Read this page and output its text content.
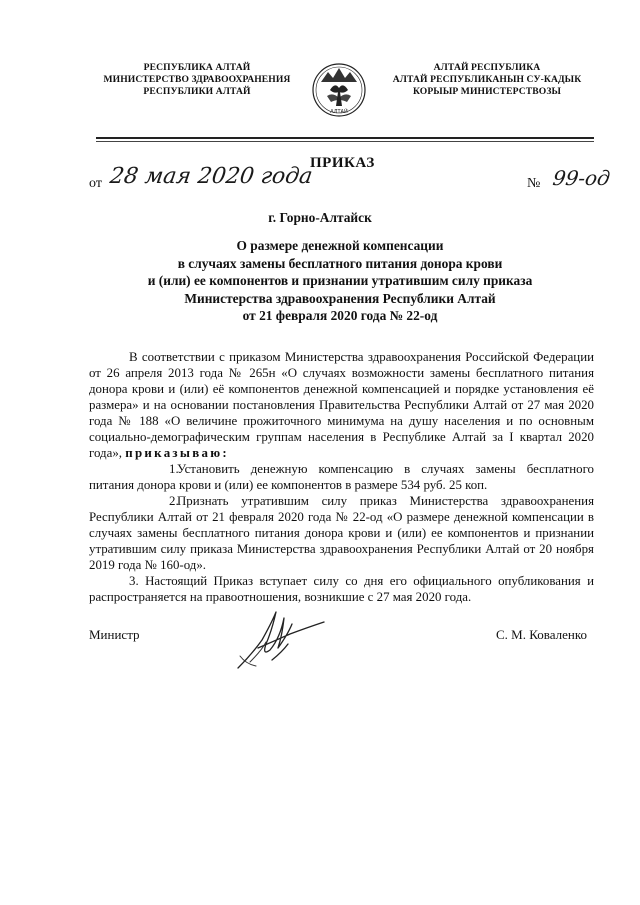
РЕСПУБЛИКА АЛТАЙ
МИНИСТЕРСТВО ЗДРАВООХРАНЕНИЯ
РЕСПУБЛИКИ АЛТАЙ
АЛТАЙ
АЛТАЙ РЕСПУБЛИКА
АЛТАЙ РЕСПУБЛИКАНЫН СУ-КАДЫК
КОРЫЫР МИНИСТЕРСТВОЗЫ
ПРИКАЗ
от 28 мая 2020 года	№ 99-од
г. Горно-Алтайск
О размере денежной компенсации
в случаях замены бесплатного питания донора крови
и (или) ее компонентов и признании утратившим силу приказа
Министерства здравоохранения Республики Алтай
от 21 февраля 2020 года № 22-од

В соответствии с приказом Министерства здравоохранения Российской Федерации от 26 апреля 2013 года № 265н «О случаях возможности замены бесплатного питания донора крови и (или) её компонентов денежной компенсацией и порядке установления её размера» и на основании постановления Правительства Республики Алтай от 27 мая 2020 года № 188 «О величине прожиточного минимума на душу населения и по основным социально-демографическим группам населения в Республике Алтай за I квартал 2020 года», приказываю:

1.Установить денежную компенсацию в случаях замены бесплатного питания донора крови и (или) ее компонентов в размере 534 руб. 25 коп.

2.Признать утратившим силу приказ Министерства здравоохранения Республики Алтай от 21 февраля 2020 года № 22-од «О размере денежной компенсации в случаях замены бесплатного питания донора крови и (или) ее компонентов и признании утратившим силу приказа Министерства здравоохранения Республики Алтай от 20 ноября 2019 года № 160-од».

3. Настоящий Приказ вступает силу со дня его официального опубликования и распространяется на правоотношения, возникшие с 27 мая 2020 года.

Министр	С. М. Коваленко
